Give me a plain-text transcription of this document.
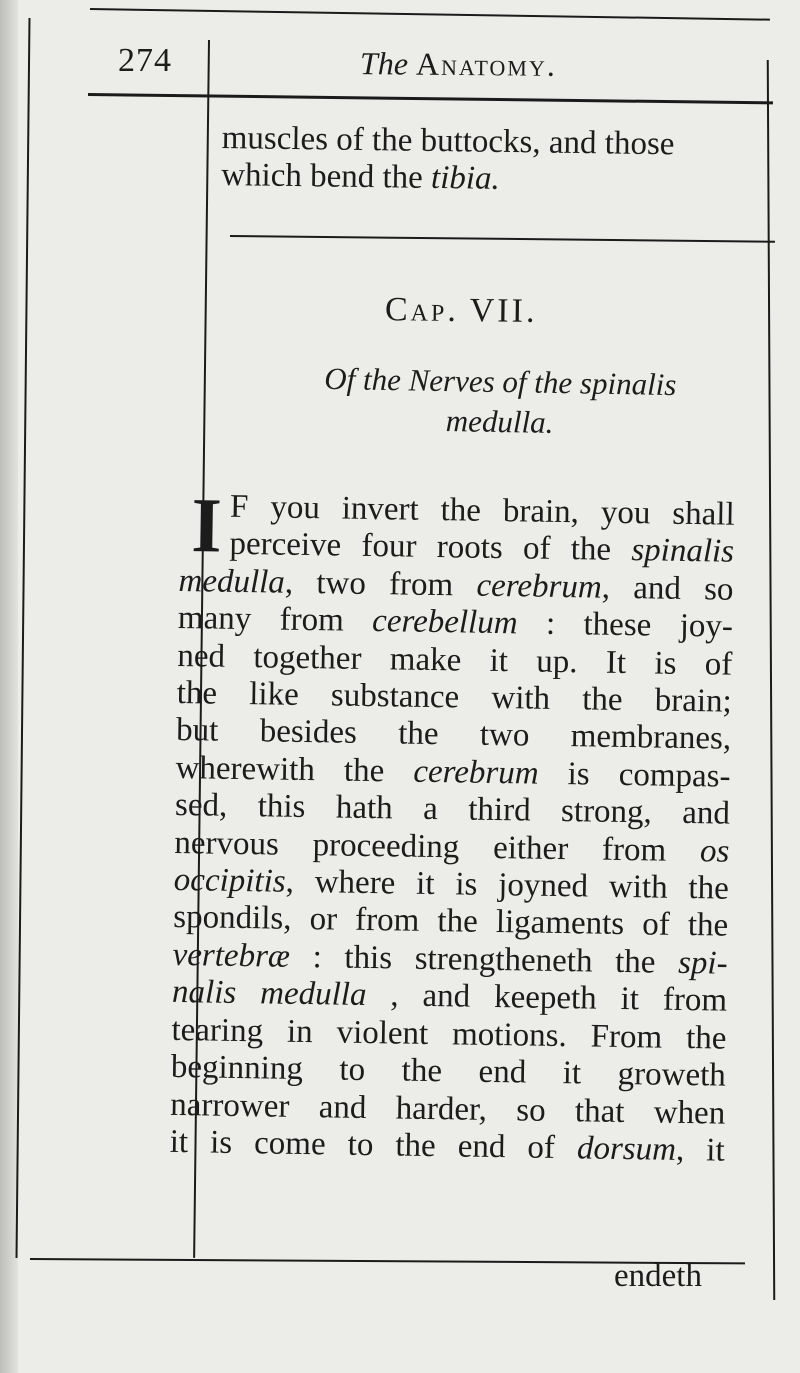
274	The Anatomy.
muscles of the buttocks, and those
which bend the tibia.
Cap. VII.
Of the Nerves of the spinalis
medulla.
I F you invert the brain, you shall
perceive four roots of the spinalis
medulla, two from cerebrum, and so
many from cerebellum : these joy-
ned together make it up. It is of
the like substance with the brain;
but besides the two membranes,
wherewith the cerebrum is compas-
sed, this hath a third strong, and
nervous proceeding either from os
occipitis, where it is joyned with the
spondils, or from the ligaments of the
vertebræ : this strengtheneth the spi-
nalis medulla , and keepeth it from
tearing in violent motions. From the
beginning to the end it groweth
narrower and harder, so that when
it is come to the end of dorsum, it
endeth
